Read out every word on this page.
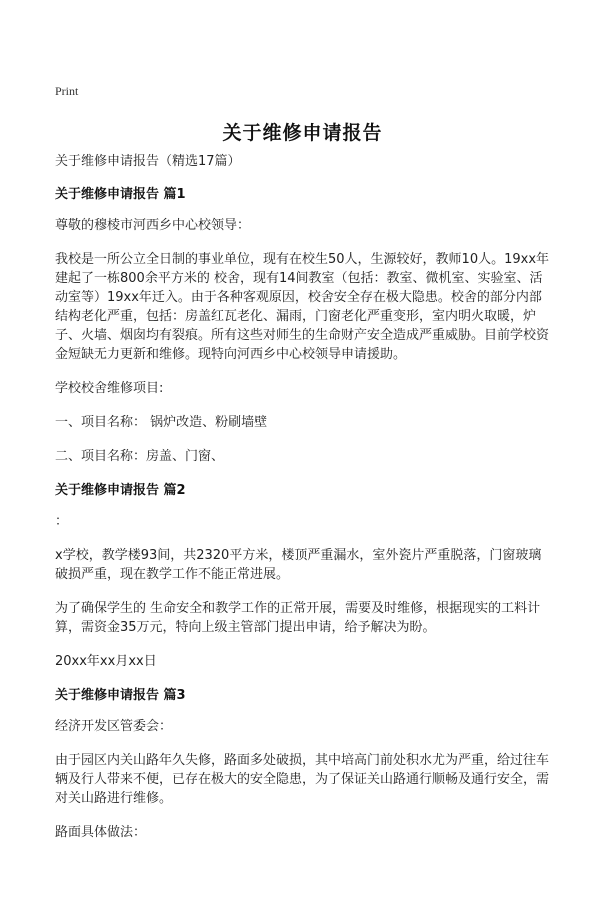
Print
关于维修申请报告

关于维修申请报告（精选17篇）

关于维修申请报告 篇1

尊敬的穆棱市河西乡中心校领导：

我校是一所公立全日制的事业单位，现有在校生50人，生源较好，教师10人。19xx年建起了一栋800余平方米的 校舍，现有14间教室（包括：教室、微机室、实验室、活动室等）19xx年迁入。由于各种客观原因，校舍安全存在极大隐患。校舍的部分内部结构老化严重，包括：房盖红瓦老化、漏雨，门窗老化严重变形，室内明火取暖，炉子、火墙、烟囱均有裂痕。所有这些对师生的生命财产安全造成严重威胁。目前学校资金短缺无力更新和维修。现特向河西乡中心校领导申请援助。

学校校舍维修项目:

一、项目名称： 锅炉改造、粉刷墙壁

二、项目名称：房盖、门窗、

关于维修申请报告 篇2

：

x学校，教学楼93间，共2320平方米，楼顶严重漏水，室外瓷片严重脱落，门窗玻璃破损严重，现在教学工作不能正常进展。

为了确保学生的 生命安全和教学工作的正常开展，需要及时维修，根据现实的工料计算，需资金35万元，特向上级主管部门提出申请，给予解决为盼。

20xx年xx月xx日

关于维修申请报告 篇3

经济开发区管委会：

由于园区内关山路年久失修，路面多处破损，其中培高门前处积水尤为严重，给过往车辆及行人带来不便，已存在极大的安全隐患，为了保证关山路通行顺畅及通行安全，需对关山路进行维修。

路面具体做法：
